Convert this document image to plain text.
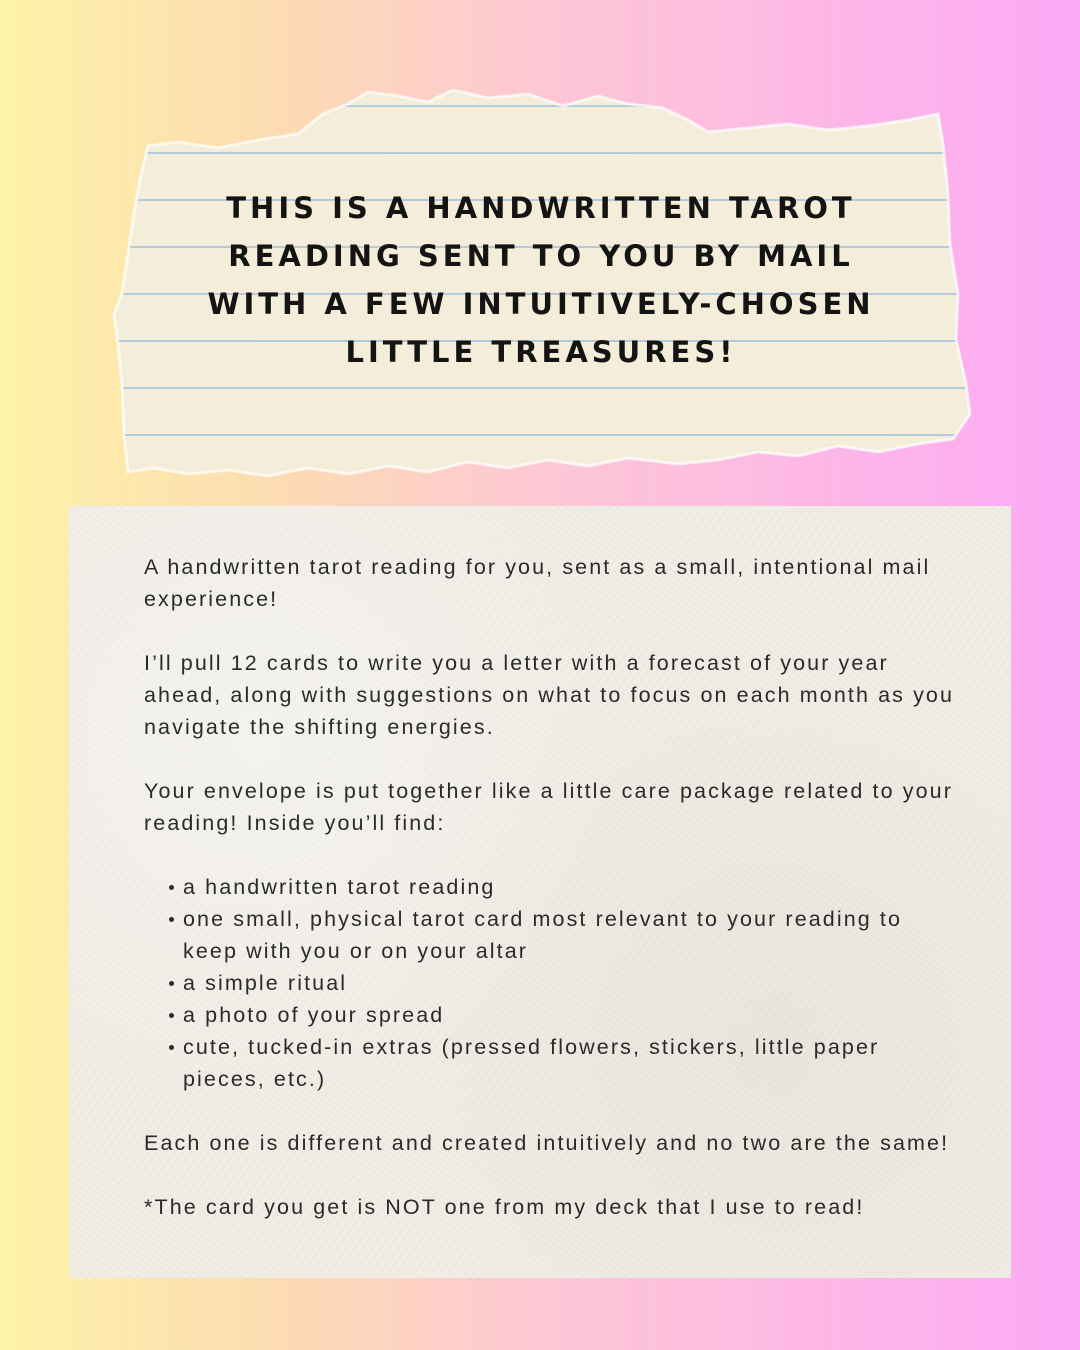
THIS IS A HANDWRITTEN TAROT
READING SENT TO YOU BY MAIL
WITH A FEW INTUITIVELY-CHOSEN
LITTLE TREASURES!

A handwritten tarot reading for you, sent as a small, intentional mail experience!

I’ll pull 12 cards to write you a letter with a forecast of your year ahead, along with suggestions on what to focus on each month as you navigate the shifting energies.

Your envelope is put together like a little care package related to your reading! Inside you’ll find:

a handwritten tarot reading
one small, physical tarot card most relevant to your reading to keep with you or on your altar
a simple ritual
a photo of your spread
cute, tucked-in extras (pressed flowers, stickers, little paper pieces, etc.)

Each one is different and created intuitively and no two are the same!

*The card you get is NOT one from my deck that I use to read!
